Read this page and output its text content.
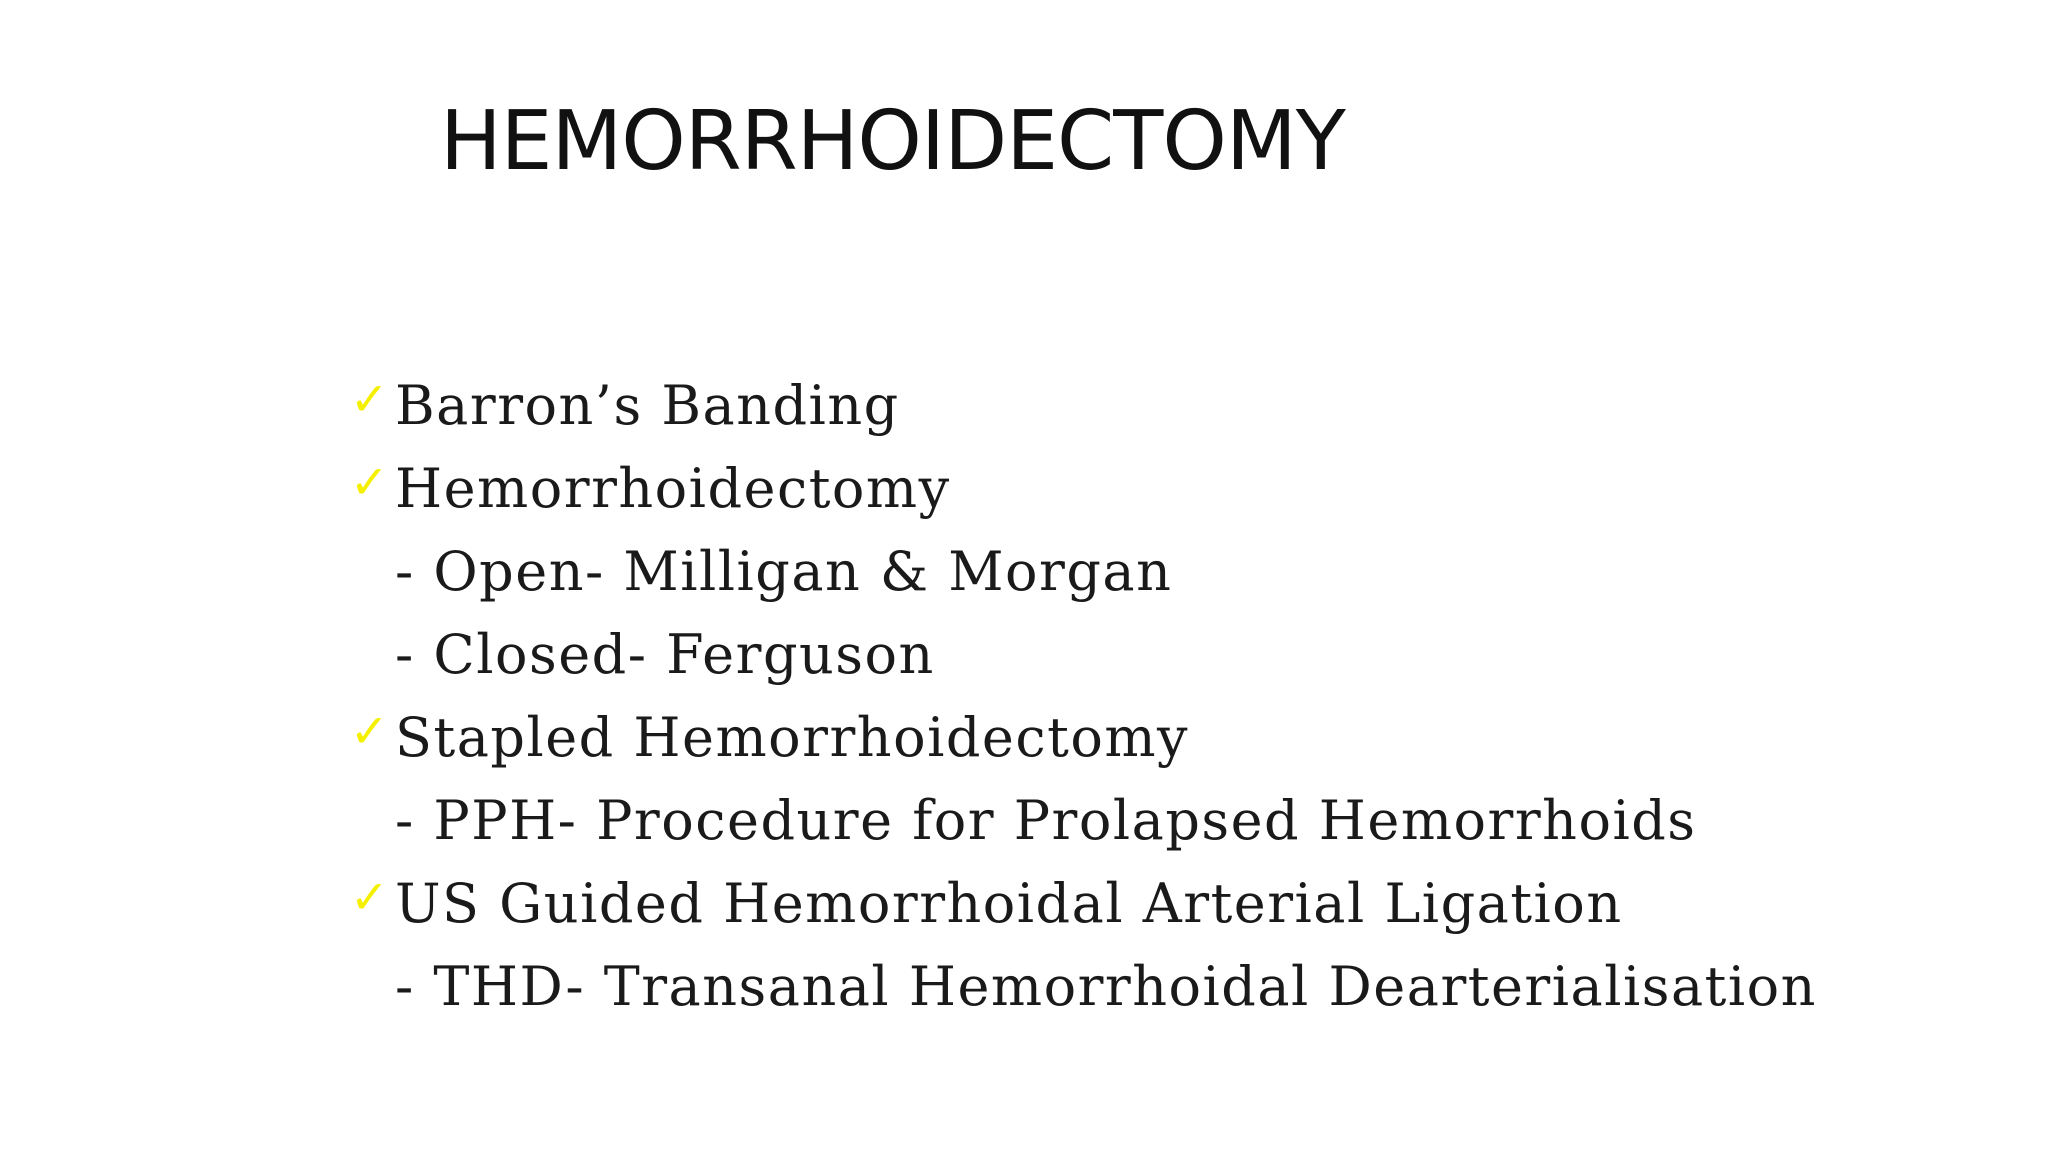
HEMORRHOIDECTOMY
✓ Barron’s Banding
✓ Hemorrhoidectomy
- Open- Milligan & Morgan
- Closed- Ferguson
✓ Stapled Hemorrhoidectomy
- PPH- Procedure for Prolapsed Hemorrhoids
✓ US Guided Hemorrhoidal Arterial Ligation
- THD- Transanal Hemorrhoidal Dearterialisation
